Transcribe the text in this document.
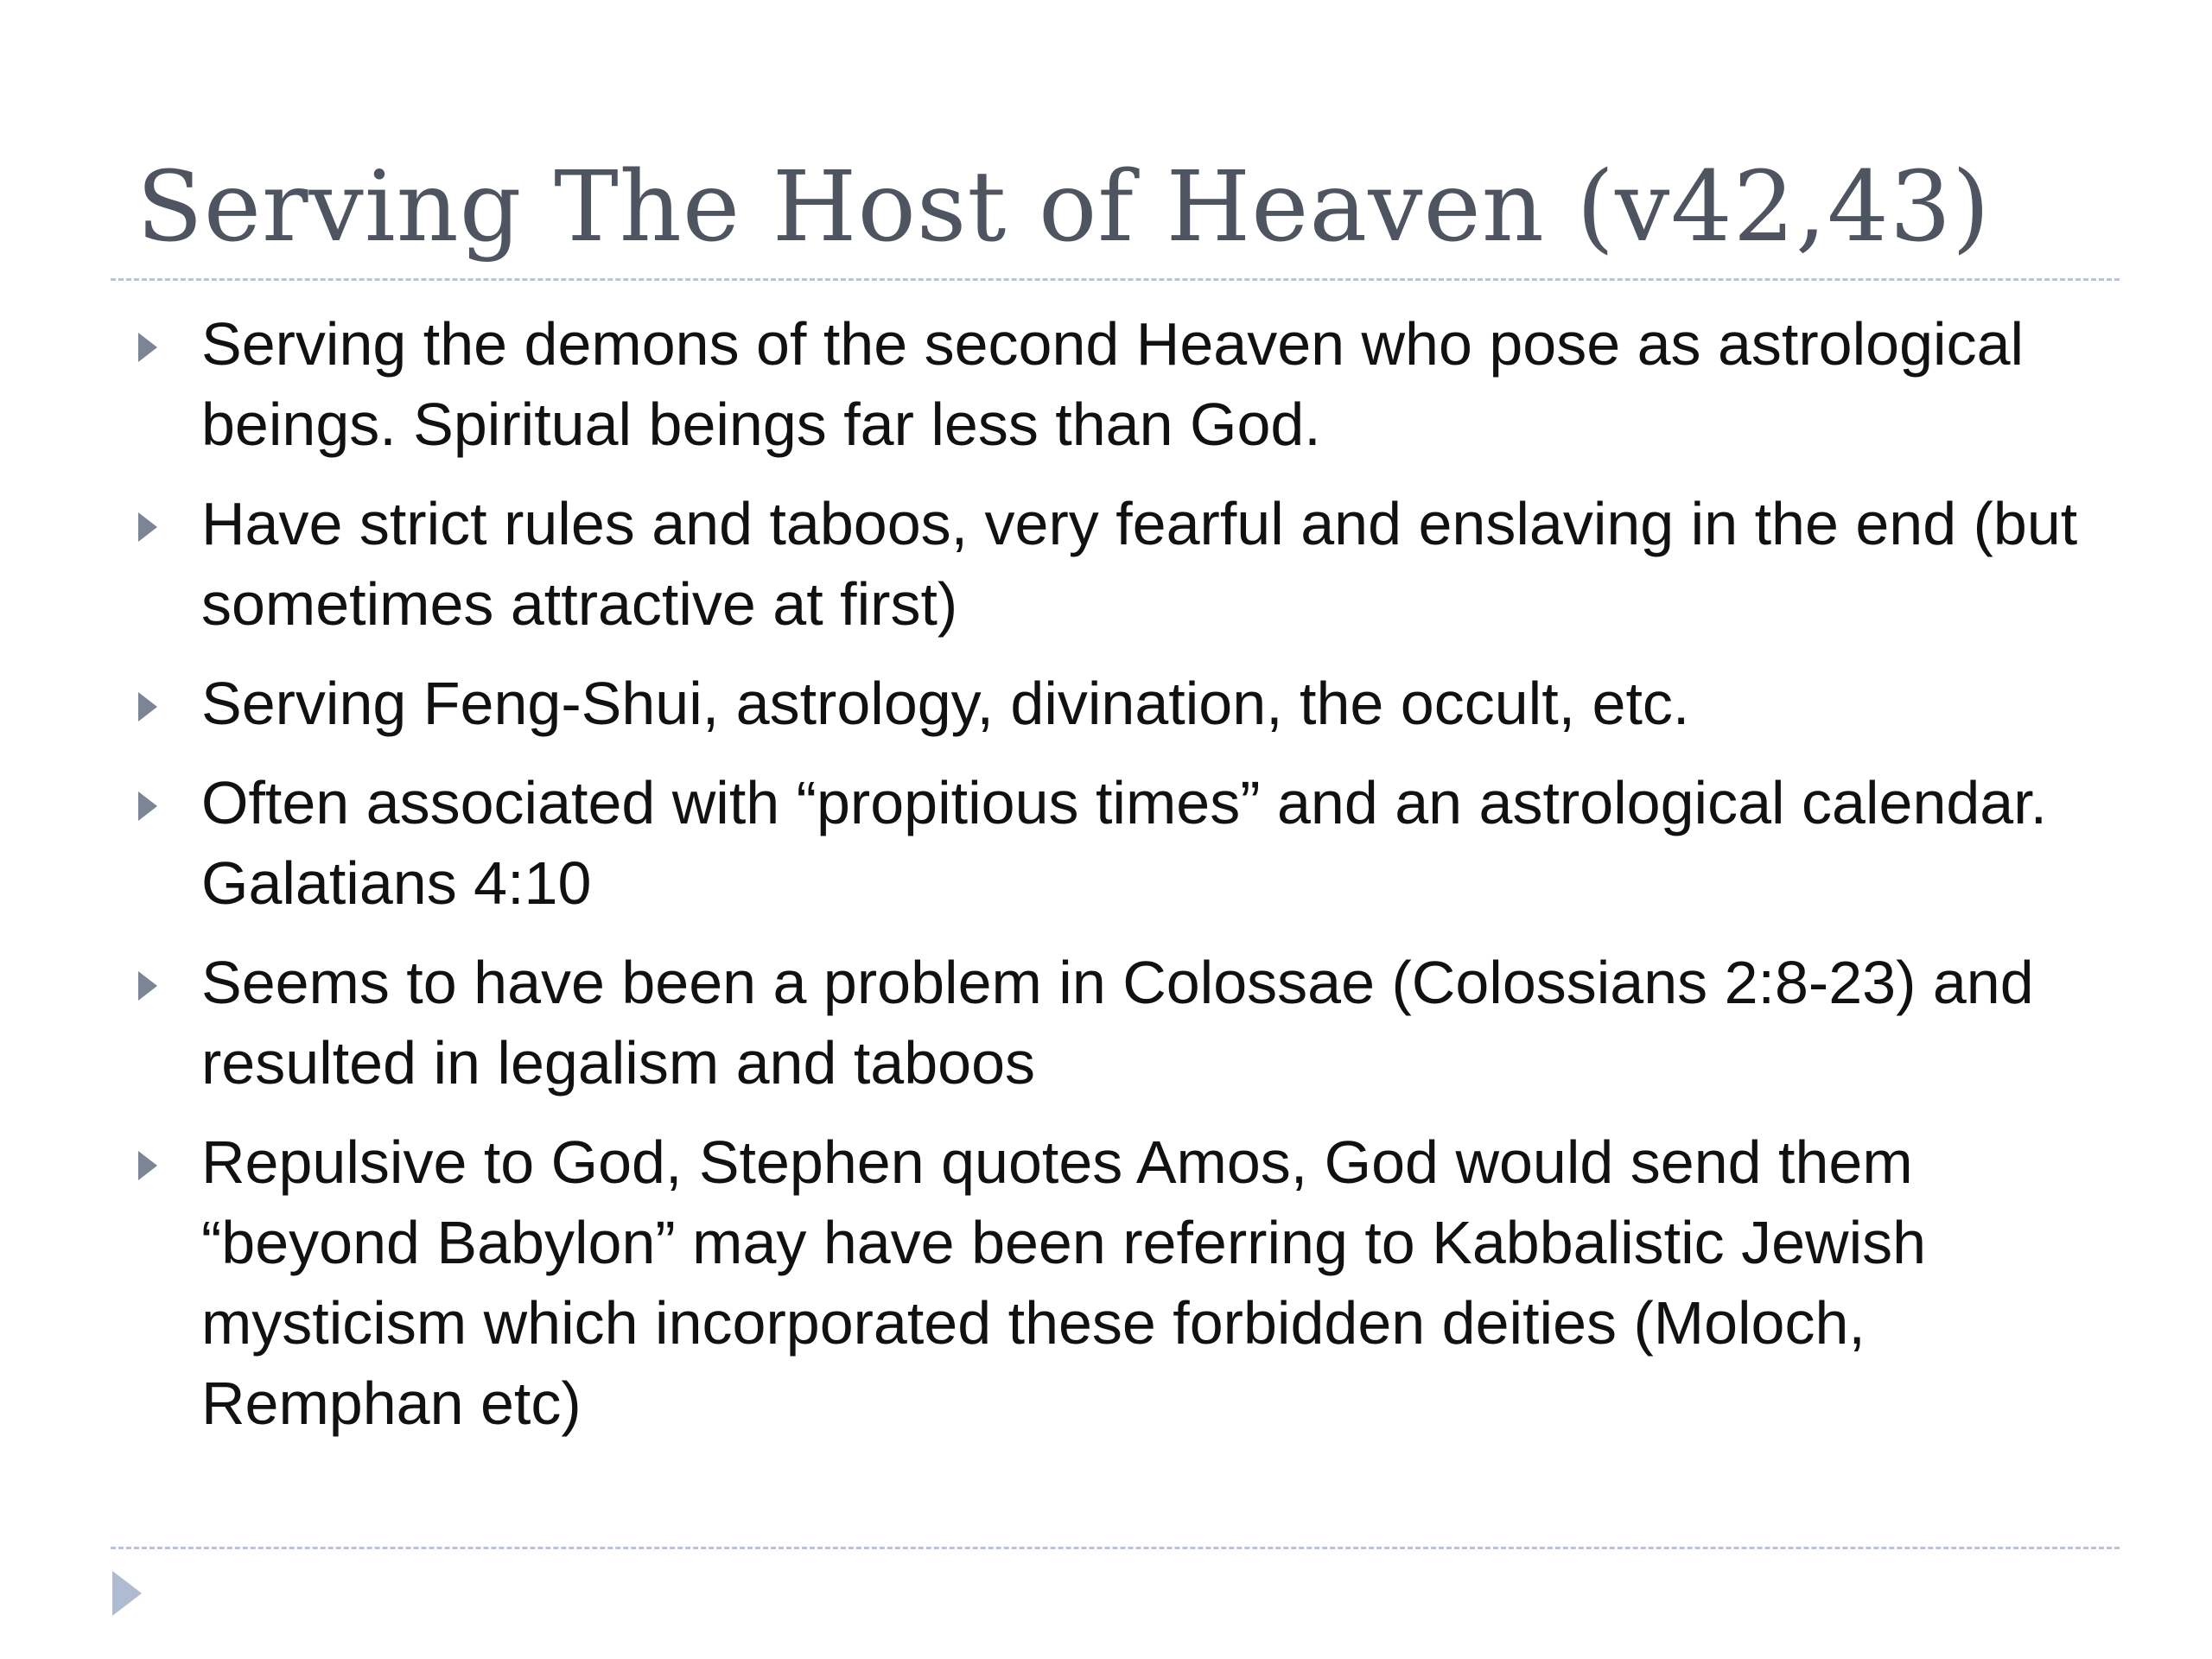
Serving The Host of Heaven (v42,43)
Serving the demons of the second Heaven who pose as astrological beings. Spiritual beings far less than God.
Have strict rules and taboos, very fearful and enslaving in the end (but sometimes attractive at first)
Serving Feng-Shui, astrology, divination, the occult, etc.
Often associated with “propitious times” and an astrological calendar. Galatians 4:10
Seems to have been a problem in Colossae (Colossians 2:8-23) and resulted in legalism and taboos
Repulsive to God, Stephen quotes Amos, God would send them “beyond Babylon” may have been referring to Kabbalistic Jewish mysticism which incorporated these forbidden deities (Moloch, Remphan etc)
